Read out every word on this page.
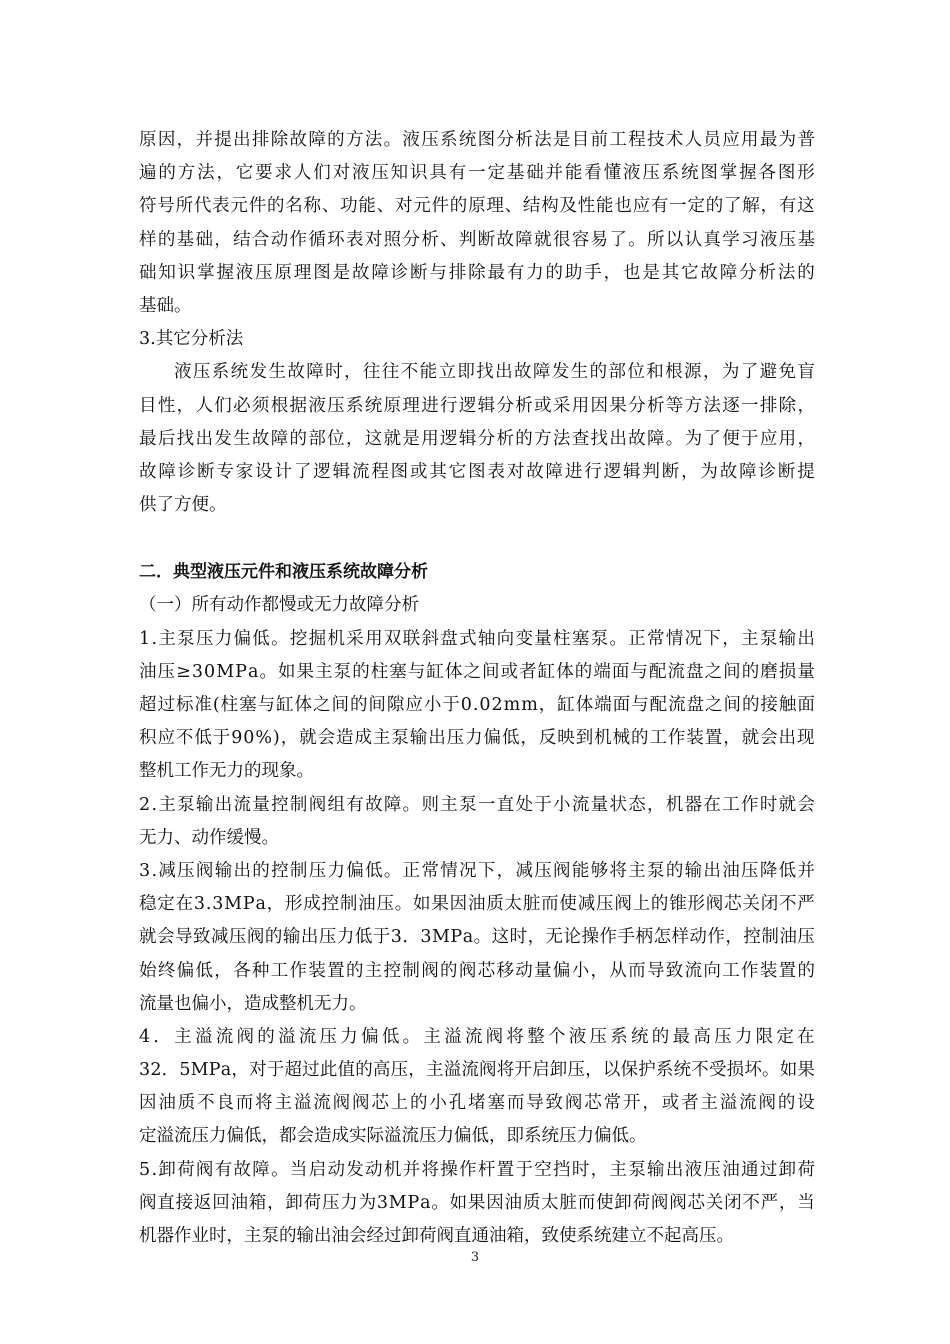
原 因 ， 并 提 出 排 除 故 障 的 方 法 。 液 压 系 统 图 分 析 法 是 目 前 工 程 技 术 人 员 应 用 最 为 普
遍 的 方 法 ， 它 要 求 人 们 对 液 压 知 识 具 有 一 定 基 础 并 能 看 懂 液 压 系 统 图 掌 握 各 图 形
符 号 所 代 表 元 件 的 名 称 、 功 能 、 对 元 件 的 原 理 、 结 构 及 性 能 也 应 有 一 定 的 了 解 ， 有 这
样 的 基 础 ， 结 合 动 作 循 环 表 对 照 分 析 、 判 断 故 障 就 很 容 易 了 。 所 以 认 真 学 习 液 压 基
础 知 识 掌 握 液 压 原 理 图 是 故 障 诊 断 与 排 除 最 有 力 的 助 手 ， 也 是 其 它 故 障 分 析 法 的
基础。
3.其它分析法
液 压 系 统 发 生 故 障 时 ， 往 往 不 能 立 即 找 出 故 障 发 生 的 部 位 和 根 源 ， 为 了 避 免 盲
目 性 ， 人 们 必 须 根 据 液 压 系 统 原 理 进 行 逻 辑 分 析 或 采 用 因 果 分 析 等 方 法 逐 一 排 除 ，
最 后 找 出 发 生 故 障 的 部 位 ， 这 就 是 用 逻 辑 分 析 的 方 法 查 找 出 故 障 。 为 了 便 于 应 用 ，
故 障 诊 断 专 家 设 计 了 逻 辑 流 程 图 或 其 它 图 表 对 故 障 进 行 逻 辑 判 断 ， 为 故 障 诊 断 提
供了方便。
二．典型液压元件和液压系统故障分析
（一）所有动作都慢或无力故障分析
1 . 主 泵 压 力 偏 低 。 挖 掘 机 采 用 双 联 斜 盘 式 轴 向 变 量 柱 塞 泵 。 正 常 情 况 下 ， 主 泵 输 出
油 压 ≥ 3 0 M P a 。 如 果 主 泵 的 柱 塞 与 缸 体 之 间 或 者 缸 体 的 端 面 与 配 流 盘 之 间 的 磨 损 量
超 过 标 准 ( 柱 塞 与 缸 体 之 间 的 间 隙 应 小 于 0 . 0 2 m m ， 缸 体 端 面 与 配 流 盘 之 间 的 接 触 面
积 应 不 低 于 9 0 % ) ， 就 会 造 成 主 泵 输 出 压 力 偏 低 ， 反 映 到 机 械 的 工 作 装 置 ， 就 会 出 现
整机工作无力的现象。
2 . 主 泵 输 出 流 量 控 制 阀 组 有 故 障 。 则 主 泵 一 直 处 于 小 流 量 状 态 ， 机 器 在 工 作 时 就 会
无力、动作缓慢。
3 . 减 压 阀 输 出 的 控 制 压 力 偏 低 。 正 常 情 况 下 ， 减 压 阀 能 够 将 主 泵 的 输 出 油 压 降 低 并
稳 定 在 3 . 3 M P a ， 形 成 控 制 油 压 。 如 果 因 油 质 太 脏 而 使 减 压 阀 上 的 锥 形 阀 芯 关 闭 不 严
就 会 导 致 减 压 阀 的 输 出 压 力 低 于 3 ． 3 M P a 。 这 时 ， 无 论 操 作 手 柄 怎 样 动 作 ， 控 制 油 压
始 终 偏 低 ， 各 种 工 作 装 置 的 主 控 制 阀 的 阀 芯 移 动 量 偏 小 ， 从 而 导 致 流 向 工 作 装 置 的
流量也偏小，造成整机无力。
4 ． 主 溢 流 阀 的 溢 流 压 力 偏 低 。 主 溢 流 阀 将 整 个 液 压 系 统 的 最 高 压 力 限 定 在
3 2 ． 5 M P a ， 对 于 超 过 此 值 的 高 压 ， 主 溢 流 阀 将 开 启 卸 压 ， 以 保 护 系 统 不 受 损 坏 。 如 果
因 油 质 不 良 而 将 主 溢 流 阀 阀 芯 上 的 小 孔 堵 塞 而 导 致 阀 芯 常 开 ， 或 者 主 溢 流 阀 的 设
定溢流压力偏低，都会造成实际溢流压力偏低，即系统压力偏低。
5 . 卸 荷 阀 有 故 障 。 当 启 动 发 动 机 并 将 操 作 杆 置 于 空 挡 时 ， 主 泵 输 出 液 压 油 通 过 卸 荷
阀 直 接 返 回 油 箱 ， 卸 荷 压 力 为 3 M P a 。 如 果 因 油 质 太 脏 而 使 卸 荷 阀 阀 芯 关 闭 不 严 ， 当
机器作业时，主泵的输出油会经过卸荷阀直通油箱，致使系统建立不起高压。
3
